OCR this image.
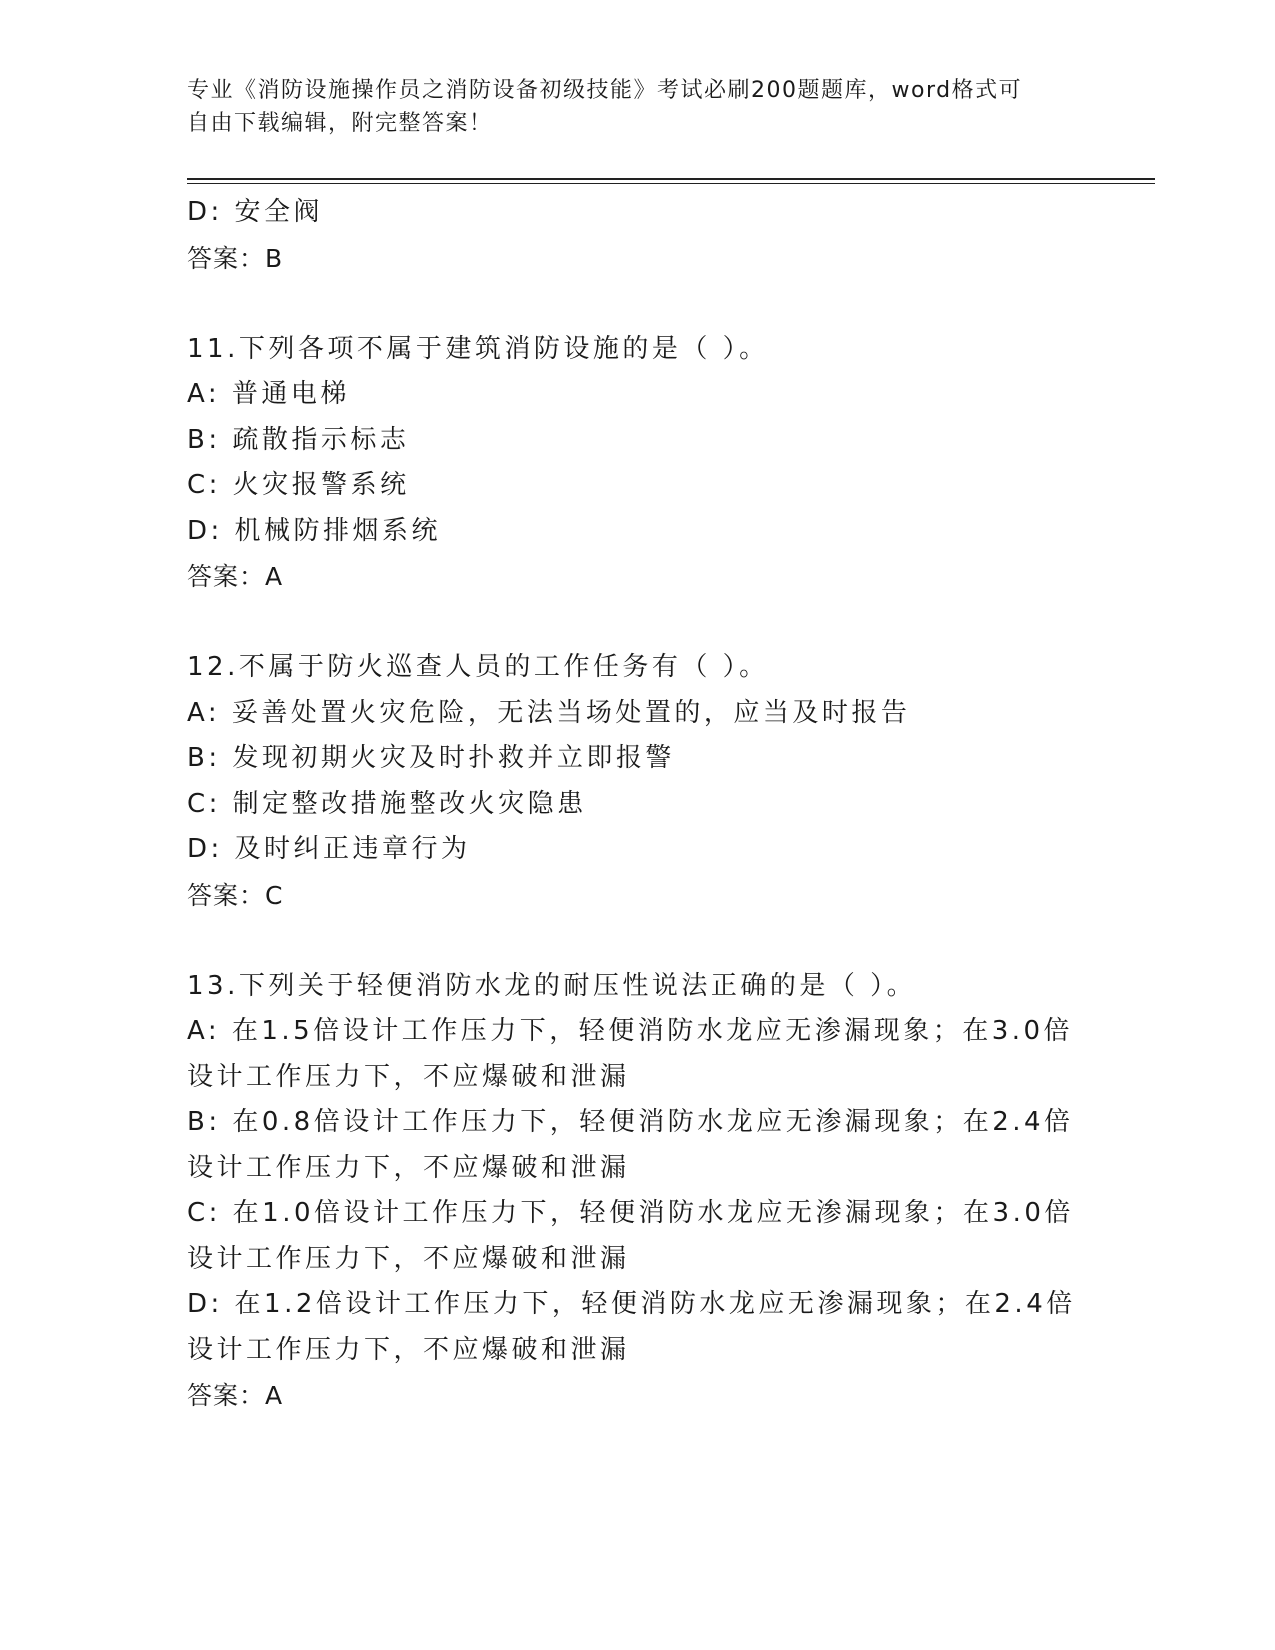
专业《消防设施操作员之消防设备初级技能》考试必刷200题题库，word格式可
自由下载编辑，附完整答案！
D: 安全阀
答案：B
11.下列各项不属于建筑消防设施的是（ ）。
A: 普通电梯
B: 疏散指示标志
C: 火灾报警系统
D: 机械防排烟系统
答案：A
12.不属于防火巡查人员的工作任务有（ ）。
A: 妥善处置火灾危险，无法当场处置的，应当及时报告
B: 发现初期火灾及时扑救并立即报警
C: 制定整改措施整改火灾隐患
D: 及时纠正违章行为
答案：C
13.下列关于轻便消防水龙的耐压性说法正确的是（ ）。
A: 在1.5倍设计工作压力下，轻便消防水龙应无渗漏现象；在3.0倍
设计工作压力下，不应爆破和泄漏
B: 在0.8倍设计工作压力下，轻便消防水龙应无渗漏现象；在2.4倍
设计工作压力下，不应爆破和泄漏
C: 在1.0倍设计工作压力下，轻便消防水龙应无渗漏现象；在3.0倍
设计工作压力下，不应爆破和泄漏
D: 在1.2倍设计工作压力下，轻便消防水龙应无渗漏现象；在2.4倍
设计工作压力下，不应爆破和泄漏
答案：A
